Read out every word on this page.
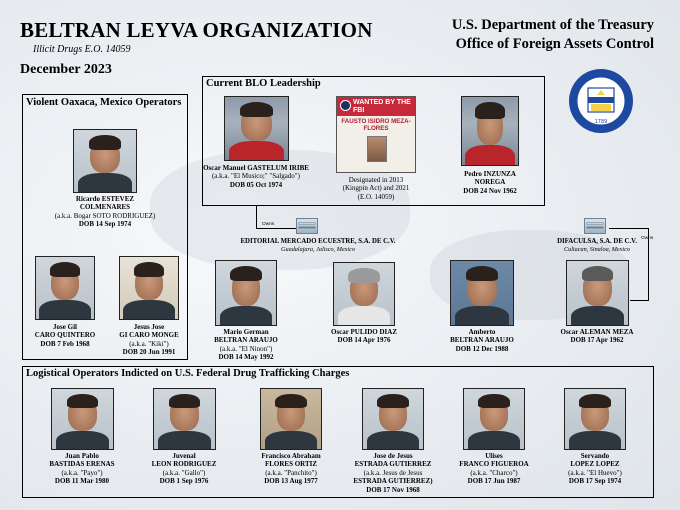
BELTRAN LEYVA ORGANIZATION
Illicit Drugs E.O. 14059
December 2023
U.S. Department of the Treasury
Office of Foreign Assets Control
1789
Current BLO Leadership
Oscar Manuel GASTELUM IRIBE
(a.k.a. "El Musico;" "Salgado")
DOB 05 Oct 1974
WANTED BY THE FBI
FAUSTO ISIDRO MEZA-FLORES
Designated in 2013
(Kingpin Act) and 2021
(E.O. 14059)
Pedro INZUNZA
NOREGA
DOB 24 Nov 1962
Violent Oaxaca, Mexico Operators
Ricardo ESTEVEZ
COLMENARES
(a.k.a. Bogar SOTO RODRIGUEZ)
DOB 14 Sep 1974
Jose Gil
CARO QUINTERO
DOB 7 Feb 1968
Jesus Jose
GI CARO MONGE
(a.k.a. "Kiki")
DOB 20 Jun 1991
Owns
EDITORIAL MERCADO ECUESTRE, S.A. DE C.V.
Guadalajara, Jalisco, Mexico
DIFACULSA, S.A. DE C.V.
Culiacan, Sinaloa, Mexico
Owns
Mario German
BELTRAN ARAUJO
(a.k.a. "El Ninon")
DOB 14 May 1992
Oscar PULIDO DIAZ
DOB 14 Apr 1976
Amberto
BELTRAN ARAUJO
DOB 12 Dec 1988
Oscar ALEMAN MEZA
DOB 17 Apr 1962
Logistical Operators Indicted on U.S. Federal Drug Trafficking Charges
Juan Pablo
BASTIDAS ERENAS
(a.k.a. "Payo")
DOB 11 Mar 1980
Juvenal
LEON RODRIGUEZ
(a.k.a. "Gallo")
DOB 1 Sep 1976
Francisco Abraham
FLORES ORTIZ
(a.k.a. "Panchito")
DOB 13 Aug 1977
Jose de Jesus
ESTRADA GUTIERREZ
(a.k.a. Jesus de Jesus
ESTRADA GUTIERREZ)
DOB 17 Nov 1968
Ulises
FRANCO FIGUEROA
(a.k.a. "Charco")
DOB 17 Jun 1987
Servando
LOPEZ LOPEZ
(a.k.a. "El Huevo")
DOB 17 Sep 1974
